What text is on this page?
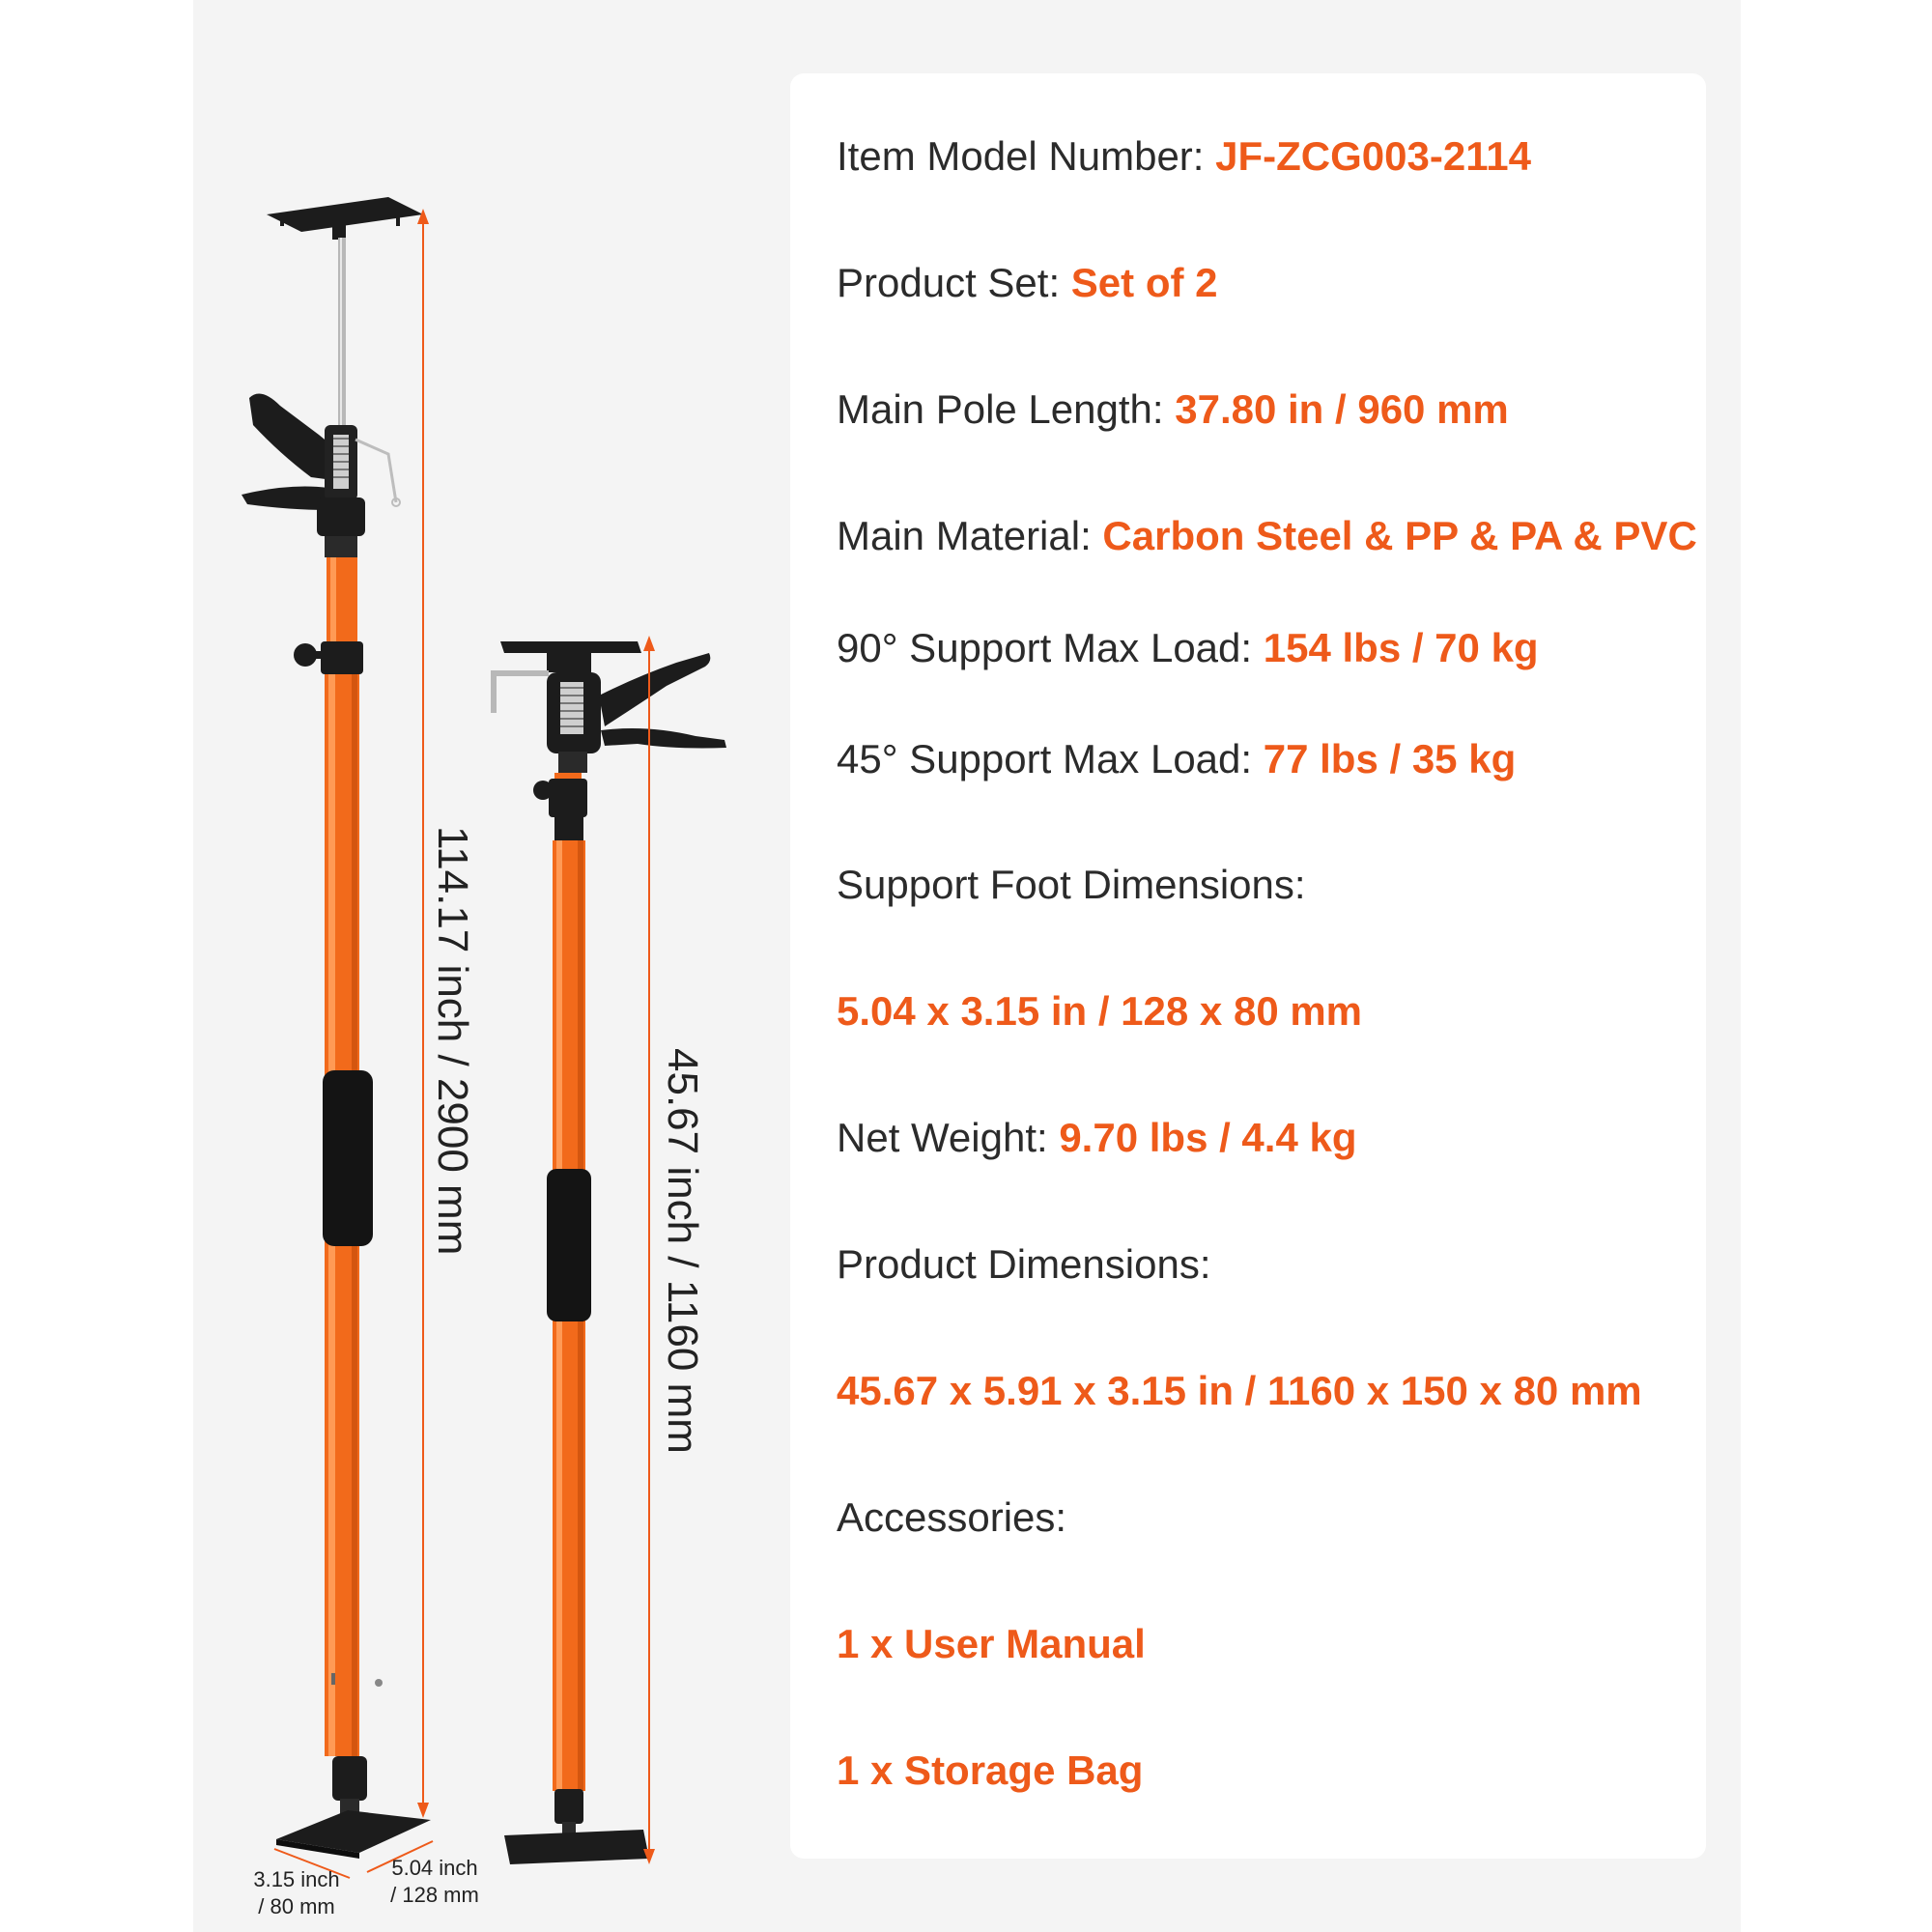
114.17 inch / 2900 mm	45.67 inch / 1160 mm
3.15 inch
/ 80 mm
5.04 inch
/ 128 mm
Item Model Number: JF-ZCG003-2114
Product Set: Set of 2
Main Pole Length: 37.80 in / 960 mm
Main Material: Carbon Steel & PP & PA & PVC
90° Support Max Load: 154 lbs / 70 kg
45° Support Max Load: 77 lbs / 35 kg
Support Foot Dimensions:
5.04 x 3.15 in / 128 x 80 mm
Net Weight: 9.70 lbs / 4.4 kg
Product Dimensions:
45.67 x 5.91 x 3.15 in / 1160 x 150 x 80 mm
Accessories:
1 x User Manual
1 x Storage Bag
